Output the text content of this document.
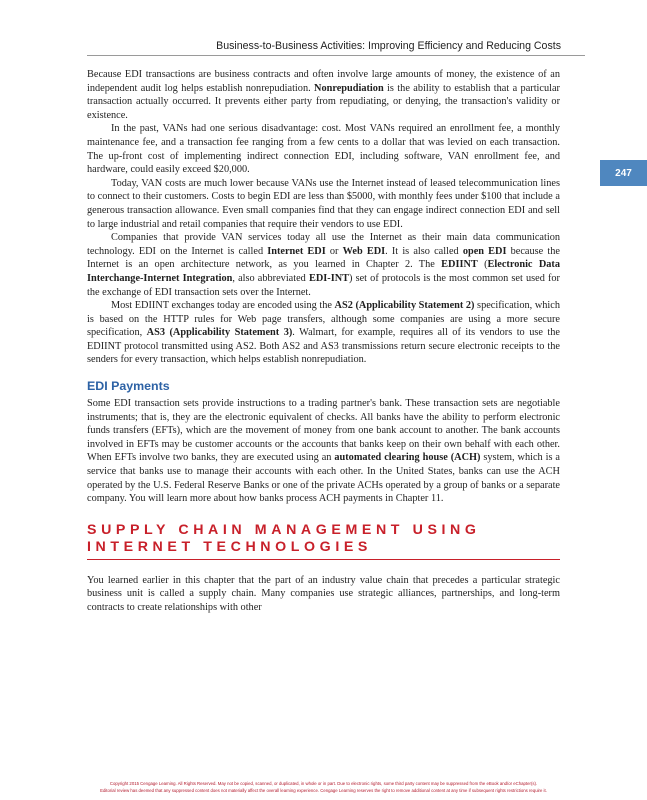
Business-to-Business Activities: Improving Efficiency and Reducing Costs
247

Because EDI transactions are business contracts and often involve large amounts of money, the existence of an independent audit log helps establish nonrepudiation. Nonrepudiation is the ability to establish that a particular transaction actually occurred. It prevents either party from repudiating, or denying, the transaction's validity or existence.

In the past, VANs had one serious disadvantage: cost. Most VANs required an enrollment fee, a monthly maintenance fee, and a transaction fee ranging from a few cents to a dollar that was levied on each transaction. The up-front cost of implementing indirect connection EDI, including software, VAN enrollment fee, and hardware, could easily exceed $20,000.

Today, VAN costs are much lower because VANs use the Internet instead of leased telecommunication lines to connect to their customers. Costs to begin EDI are less than $5000, with monthly fees under $100 that include a generous transaction allowance. Even small companies find that they can engage indirect connection EDI and sell to large industrial and retail companies that require their vendors to use EDI.

Companies that provide VAN services today all use the Internet as their main data communication technology. EDI on the Internet is called Internet EDI or Web EDI. It is also called open EDI because the Internet is an open architecture network, as you learned in Chapter 2. The EDIINT (Electronic Data Interchange-Internet Integration, also abbreviated EDI-INT) set of protocols is the most common set used for the exchange of EDI transaction sets over the Internet.

Most EDIINT exchanges today are encoded using the AS2 (Applicability Statement 2) specification, which is based on the HTTP rules for Web page transfers, although some companies are using a more secure specification, AS3 (Applicability Statement 3). Walmart, for example, requires all of its vendors to use the EDIINT protocol transmitted using AS2. Both AS2 and AS3 transmissions return secure electronic receipts to the senders for every transaction, which helps establish nonrepudiation.

EDI Payments

Some EDI transaction sets provide instructions to a trading partner's bank. These transaction sets are negotiable instruments; that is, they are the electronic equivalent of checks. All banks have the ability to perform electronic funds transfers (EFTs), which are the movement of money from one bank account to another. The bank accounts involved in EFTs may be customer accounts or the accounts that banks keep on their own behalf with each other. When EFTs involve two banks, they are executed using an automated clearing house (ACH) system, which is a service that banks use to manage their accounts with each other. In the United States, banks can use the ACH operated by the U.S. Federal Reserve Banks or one of the private ACHs operated by a group of banks or a separate company. You will learn more about how banks process ACH payments in Chapter 11.

SUPPLY CHAIN MANAGEMENT USING
INTERNET TECHNOLOGIES

You learned earlier in this chapter that the part of an industry value chain that precedes a particular strategic business unit is called a supply chain. Many companies use strategic alliances, partnerships, and long-term contracts to create relationships with other

Copyright 2015 Cengage Learning. All Rights Reserved. May not be copied, scanned, or duplicated, in whole or in part. Due to electronic rights, some third party content may be suppressed from the eBook and/or eChapter(s).
Editorial review has deemed that any suppressed content does not materially affect the overall learning experience. Cengage Learning reserves the right to remove additional content at any time if subsequent rights restrictions require it.
